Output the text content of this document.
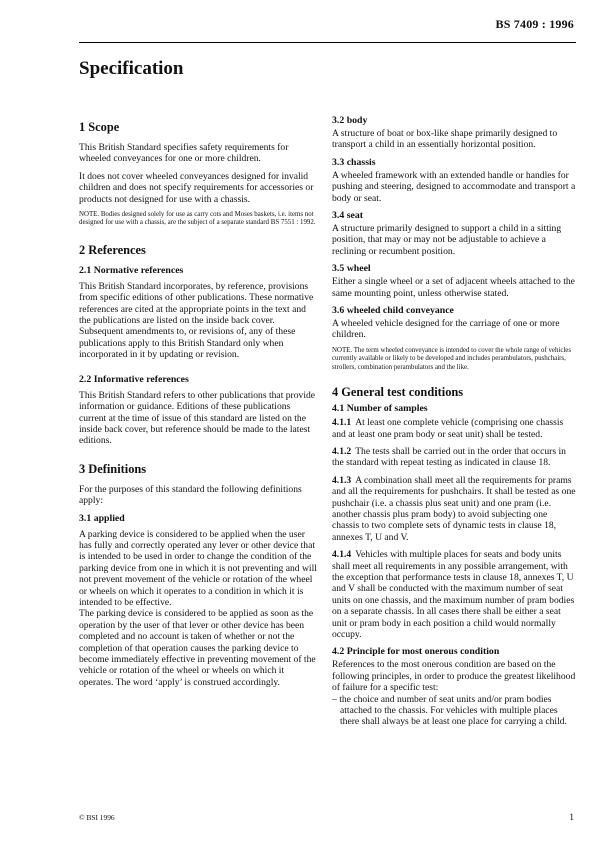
BS 7409 : 1996
Specification
1 Scope

This British Standard specifies safety requirements for wheeled conveyances for one or more children.

It does not cover wheeled conveyances designed for invalid children and does not specify requirements for accessories or products not designed for use with a chassis.

NOTE. Bodies designed solely for use as carry cots and Moses baskets, i.e. items not designed for use with a chassis, are the subject of a separate standard BS 7551 : 1992.

2 References
2.1 Normative references

This British Standard incorporates, by reference, provisions from specific editions of other publications. These normative references are cited at the appropriate points in the text and the publications are listed on the inside back cover. Subsequent amendments to, or revisions of, any of these publications apply to this British Standard only when incorporated in it by updating or revision.

2.2 Informative references

This British Standard refers to other publications that provide information or guidance. Editions of these publications current at the time of issue of this standard are listed on the inside back cover, but reference should be made to the latest editions.

3 Definitions

For the purposes of this standard the following definitions apply:

3.1 applied

A parking device is considered to be applied when the user has fully and correctly operated any lever or other device that is intended to be used in order to change the condition of the parking device from one in which it is not preventing and will not prevent movement of the vehicle or rotation of the wheel or wheels on which it operates to a condition in which it is intended to be effective.

The parking device is considered to be applied as soon as the operation by the user of that lever or other device has been completed and no account is taken of whether or not the completion of that operation causes the parking device to become immediately effective in preventing movement of the vehicle or rotation of the wheel or wheels on which it operates. The word ‘apply’ is construed accordingly.

3.2 body

A structure of boat or box-like shape primarily designed to transport a child in an essentially horizontal position.

3.3 chassis

A wheeled framework with an extended handle or handles for pushing and steering, designed to accommodate and transport a body or seat.

3.4 seat

A structure primarily designed to support a child in a sitting position, that may or may not be adjustable to achieve a reclining or recumbent position.

3.5 wheel

Either a single wheel or a set of adjacent wheels attached to the same mounting point, unless otherwise stated.

3.6 wheeled child conveyance

A wheeled vehicle designed for the carriage of one or more children.

NOTE. The term wheeled conveyance is intended to cover the whole range of vehicles currently available or likely to be developed and includes perambulators, pushchairs, strollers, combination perambulators and the like.

4 General test conditions
4.1 Number of samples

4.1.1 At least one complete vehicle (comprising one chassis and at least one pram body or seat unit) shall be tested.

4.1.2 The tests shall be carried out in the order that occurs in the standard with repeat testing as indicated in clause 18.

4.1.3 A combination shall meet all the requirements for prams and all the requirements for pushchairs. It shall be tested as one pushchair (i.e. a chassis plus seat unit) and one pram (i.e. another chassis plus pram body) to avoid subjecting one chassis to two complete sets of dynamic tests in clause 18, annexes T, U and V.

4.1.4 Vehicles with multiple places for seats and body units shall meet all requirements in any possible arrangement, with the exception that performance tests in clause 18, annexes T, U and V shall be conducted with the maximum number of seat units on one chassis, and the maximum number of pram bodies on a separate chassis. In all cases there shall be either a seat unit or pram body in each position a child would normally occupy.

4.2 Principle for most onerous condition

References to the most onerous condition are based on the following principles, in order to produce the greatest likelihood of failure for a specific test:

– the choice and number of seat units and/or pram bodies attached to the chassis. For vehicles with multiple places there shall always be at least one place for carrying a child.
© BSI 1996	1
